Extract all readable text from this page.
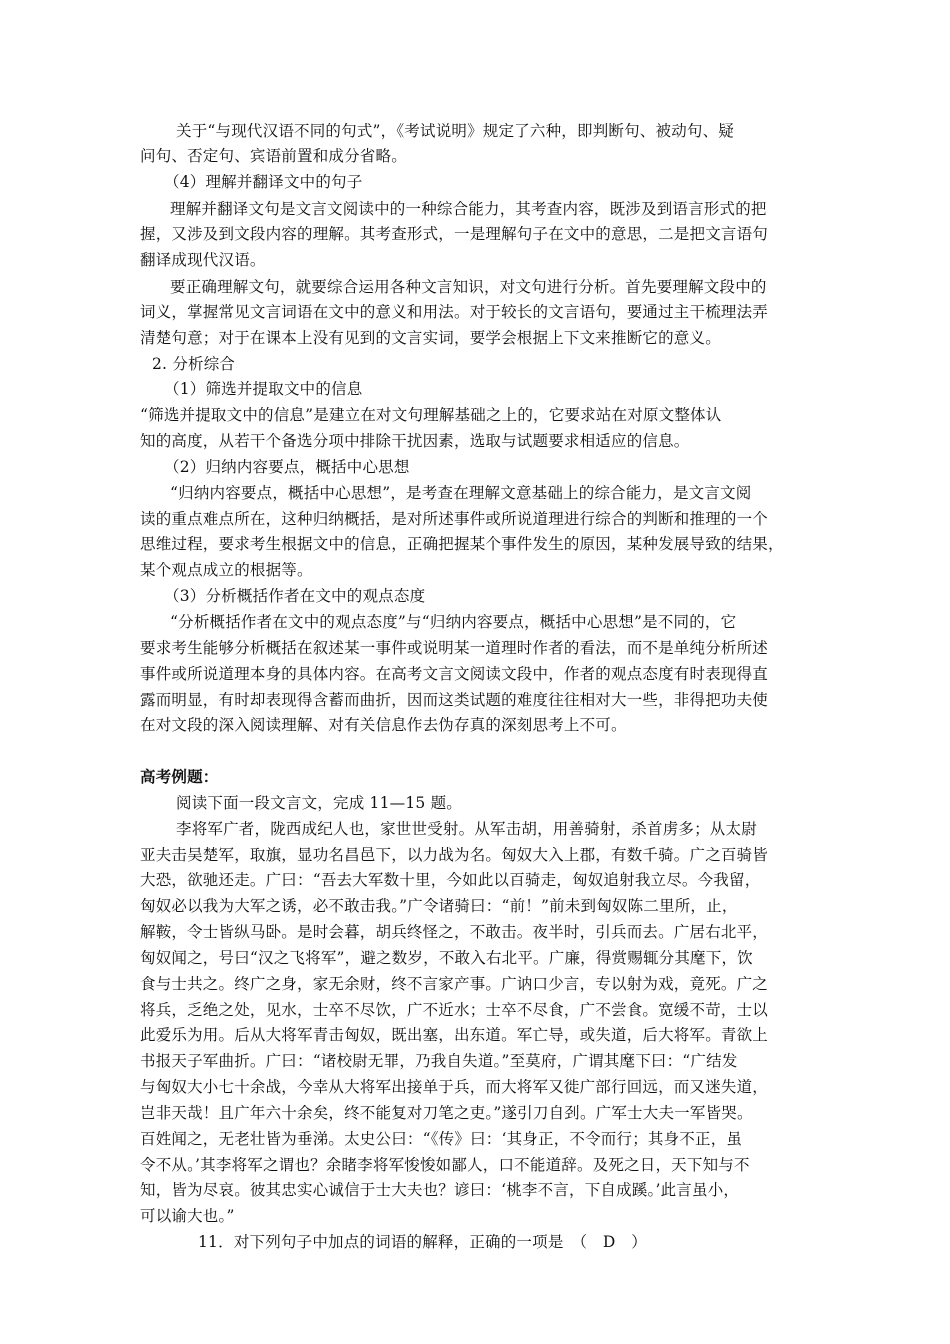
关于“与现代汉语不同的句式”，《考试说明》规定了六种，即判断句、被动句、疑
问句、否定句、宾语前置和成分省略。
（4）理解并翻译文中的句子
理解并翻译文句是文言文阅读中的一种综合能力，其考查内容，既涉及到语言形式的把
握，又涉及到文段内容的理解。其考查形式，一是理解句子在文中的意思，二是把文言语句
翻译成现代汉语。
要正确理解文句，就要综合运用各种文言知识，对文句进行分析。首先要理解文段中的
词义，掌握常见文言词语在文中的意义和用法。对于较长的文言语句，要通过主干梳理法弄
清楚句意；对于在课本上没有见到的文言实词，要学会根据上下文来推断它的意义。
2. 分析综合
（1）筛选并提取文中的信息
“筛选并提取文中的信息”是建立在对文句理解基础之上的，它要求站在对原文整体认
知的高度，从若干个备选分项中排除干扰因素，选取与试题要求相适应的信息。
（2）归纳内容要点，概括中心思想
“归纳内容要点，概括中心思想”，是考查在理解文意基础上的综合能力，是文言文阅
读的重点难点所在，这种归纳概括，是对所述事件或所说道理进行综合的判断和推理的一个
思维过程，要求考生根据文中的信息，正确把握某个事件发生的原因，某种发展导致的结果，
某个观点成立的根据等。
（3）分析概括作者在文中的观点态度
“分析概括作者在文中的观点态度”与“归纳内容要点，概括中心思想”是不同的，它
要求考生能够分析概括在叙述某一事件或说明某一道理时作者的看法，而不是单纯分析所述
事件或所说道理本身的具体内容。在高考文言文阅读文段中，作者的观点态度有时表现得直
露而明显，有时却表现得含蓄而曲折，因而这类试题的难度往往相对大一些，非得把功夫使
在对文段的深入阅读理解、对有关信息作去伪存真的深刻思考上不可。
高考例题：
阅读下面一段文言文，完成 11—15 题。
李将军广者，陇西成纪人也，家世世受射。从军击胡，用善骑射，杀首虏多；从太尉
亚夫击吴楚军，取旗，显功名昌邑下，以力战为名。匈奴大入上郡，有数千骑。广之百骑皆
大恐，欲驰还走。广曰：“吾去大军数十里，今如此以百骑走，匈奴追射我立尽。今我留，
匈奴必以我为大军之诱，必不敢击我。”广令诸骑曰：“前！”前未到匈奴陈二里所，止，
解鞍，令士皆纵马卧。是时会暮，胡兵终怪之，不敢击。夜半时，引兵而去。广居右北平，
匈奴闻之，号曰“汉之飞将军”，避之数岁，不敢入右北平。广廉，得赏赐辄分其麾下，饮
食与士共之。终广之身，家无余财，终不言家产事。广讷口少言，专以射为戏，竟死。广之
将兵，乏绝之处，见水，士卒不尽饮，广不近水；士卒不尽食，广不尝食。宽缓不苛，士以
此爱乐为用。后从大将军青击匈奴，既出塞，出东道。军亡导，或失道，后大将军。青欲上
书报天子军曲折。广曰：“诸校尉无罪，乃我自失道。”至莫府，广谓其麾下曰：“广结发
与匈奴大小七十余战，今幸从大将军出接单于兵，而大将军又徙广部行回远，而又迷失道，
岂非天哉！且广年六十余矣，终不能复对刀笔之吏。”遂引刀自刭。广军士大夫一军皆哭。
百姓闻之，无老壮皆为垂涕。太史公曰：“《传》曰：‘其身正，不令而行；其身不正，虽
令不从。’其李将军之谓也？余睹李将军悛悛如鄙人，口不能道辞。及死之日，天下知与不
知，皆为尽哀。彼其忠实心诚信于士大夫也？谚曰：‘桃李不言，下自成蹊。’此言虽小，
可以谕大也。”
11．对下列句子中加点的词语的解释，正确的一项是　（　D　）
